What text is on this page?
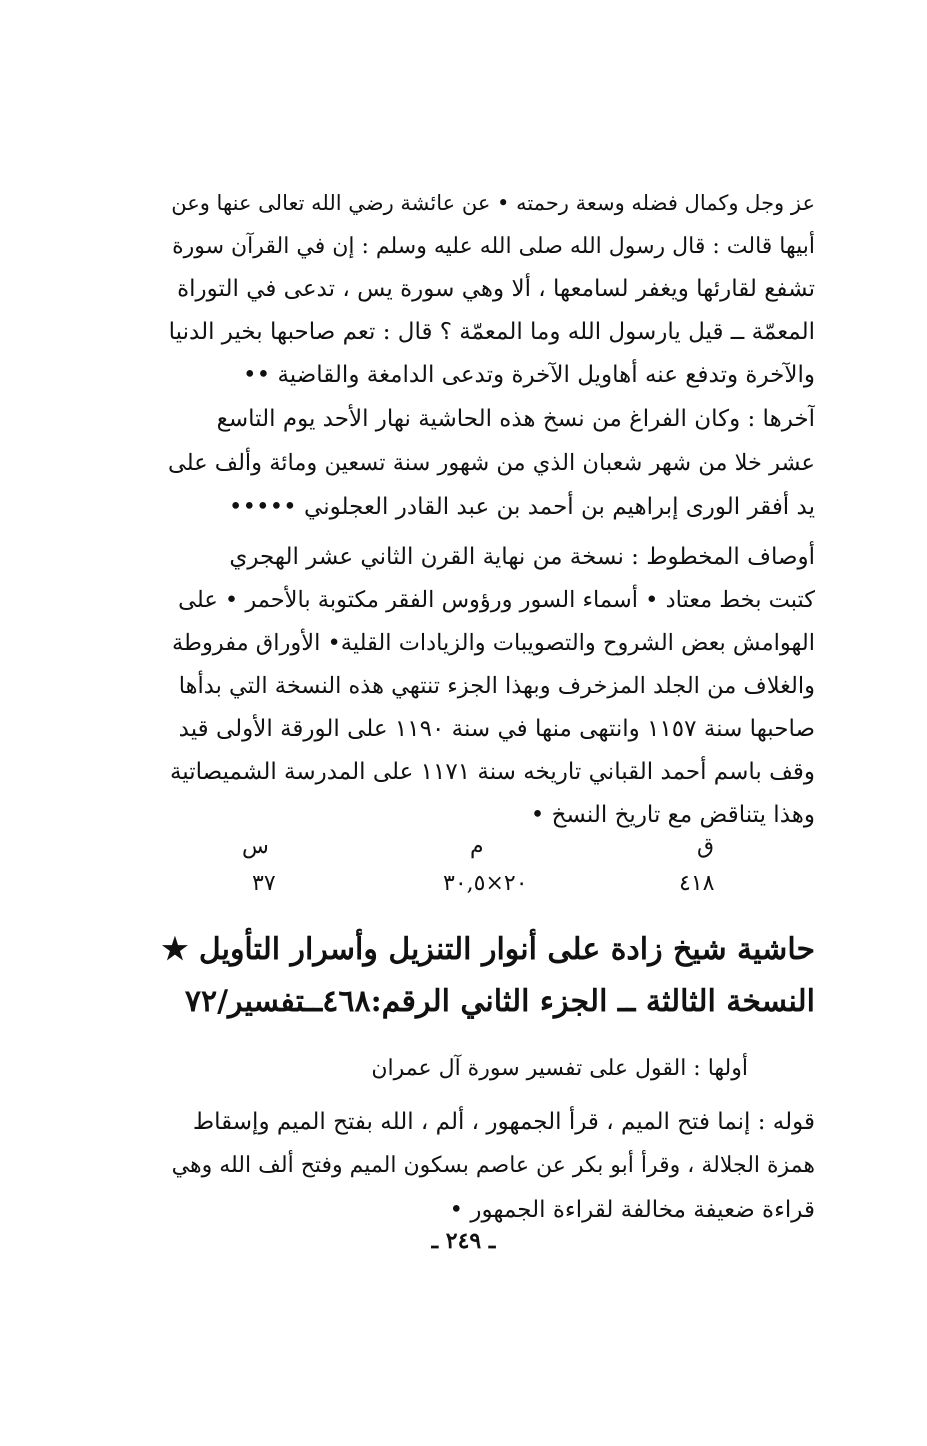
عز وجل وكمال فضله وسعة رحمته • عن عائشة رضي الله تعالى عنها وعن
أبيها قالت : قال رسول الله صلى الله عليه وسلم : إن في القرآن سورة
تشفع لقارئها ويغفر لسامعها ، ألا وهي سورة يس ، تدعى في التوراة
المعمّة ــ قيل يارسول الله وما المعمّة ؟ قال : تعم صاحبها بخير الدنيا
والآخرة وتدفع عنه أهاويل الآخرة وتدعى الدامغة والقاضية ••
آخرها : وكان الفراغ من نسخ هذه الحاشية نهار الأحد يوم التاسع
عشر خلا من شهر شعبان الذي من شهور سنة تسعين ومائة وألف على
يد أفقر الورى إبراهيم بن أحمد بن عبد القادر العجلوني •••••
أوصاف المخطوط : نسخة من نهاية القرن الثاني عشر الهجري
كتبت بخط معتاد • أسماء السور ورؤوس الفقر مكتوبة بالأحمر • على
الهوامش بعض الشروح والتصويبات والزيادات القلية• الأوراق مفروطة
والغلاف من الجلد المزخرف وبهذا الجزء تنتهي هذه النسخة التي بدأها
صاحبها سنة ١١٥٧ وانتهى منها في سنة ١١٩٠ على الورقة الأولى قيد
وقف باسم أحمد القباني تاريخه سنة ١١٧١ على المدرسة الشميصاتية
وهذا يتناقض مع تاريخ النسخ •
س	م	ق
٣٧	٢٠×٣٠,٥	٤١٨
حاشية شيخ زادة على أنوار التنزيل وأسرار التأويل ★
النسخة الثالثة ــ الجزء الثاني الرقم:٤٦٨ــتفسير/٧٢
أولها : القول على تفسير سورة آل عمران
قوله : إنما فتح الميم ، قرأ الجمهور ، ألم ، الله بفتح الميم وإسقاط
همزة الجلالة ، وقرأ أبو بكر عن عاصم بسكون الميم وفتح ألف الله وهي
قراءة ضعيفة مخالفة لقراءة الجمهور •
ـ ٢٤٩ ـ
